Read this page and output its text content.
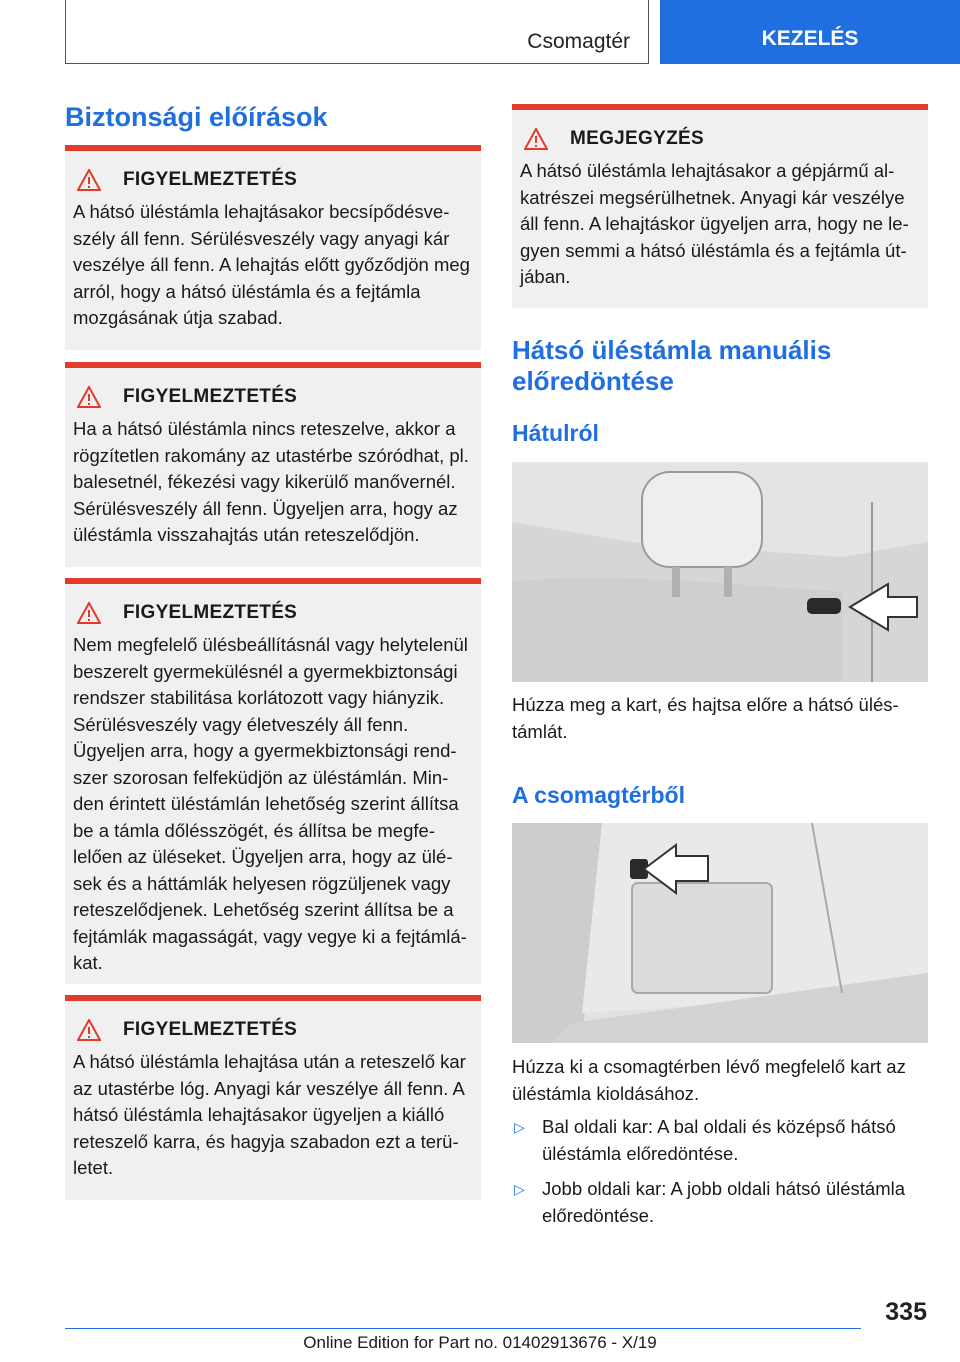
Csomagtér	KEZELÉS
Biztonsági előírások
FIGYELMEZTETÉS

A hátsó üléstámla lehajtásakor becsípődésveszély áll fenn. Sérülésveszély vagy anyagi kár veszélye áll fenn. A lehajtás előtt győződjön meg arról, hogy a hátsó üléstámla és a fejtámla mozgásának útja szabad.

FIGYELMEZTETÉS

Ha a hátsó üléstámla nincs reteszelve, akkor a rögzítetlen rakomány az utastérbe szóródhat, pl. balesetnél, fékezési vagy kikerülő manővernél. Sérülésveszély áll fenn. Ügyeljen arra, hogy az üléstámla visszahajtás után reteszelődjön.

FIGYELMEZTETÉS

Nem megfelelő ülésbeállításnál vagy helytelenül beszerelt gyermekülésnél a gyermekbiztonsági rendszer stabilitása korlátozott vagy hiányzik. Sérülésveszély vagy életveszély áll fenn. Ügyeljen arra, hogy a gyermekbiztonsági rendszer szorosan felfeküdjön az üléstámlán. Minden érintett üléstámlán lehetőség szerint állítsa be a támla dőlésszögét, és állítsa be megfelelően az üléseket. Ügyeljen arra, hogy az ülések és a háttámlák helyesen rögzüljenek vagy reteszelődjenek. Lehetőség szerint állítsa be a fejtámlák magasságát, vagy vegye ki a fejtámlákat.

FIGYELMEZTETÉS

A hátsó üléstámla lehajtása után a reteszelő kar az utastérbe lóg. Anyagi kár veszélye áll fenn. A hátsó üléstámla lehajtásakor ügyeljen a kiálló reteszelő karra, és hagyja szabadon ezt a területet.

MEGJEGYZÉS

A hátsó üléstámla lehajtásakor a gépjármű alkatrészei megsérülhetnek. Anyagi kár veszélye áll fenn. A lehajtáskor ügyeljen arra, hogy ne legyen semmi a hátsó üléstámla és a fejtámla útjában.

Hátsó üléstámla manuális előredöntése
Hátulról

Húzza meg a kart, és hajtsa előre a hátsó üléstámlát.

A csomagtérből

Húzza ki a csomagtérben lévő megfelelő kart az üléstámla kioldásához.

▷ Bal oldali kar: A bal oldali és középső hátsó üléstámla előredöntése.
▷ Jobb oldali kar: A jobb oldali hátsó üléstámla előredöntése.
335
Online Edition for Part no. 01402913676 - X/19
